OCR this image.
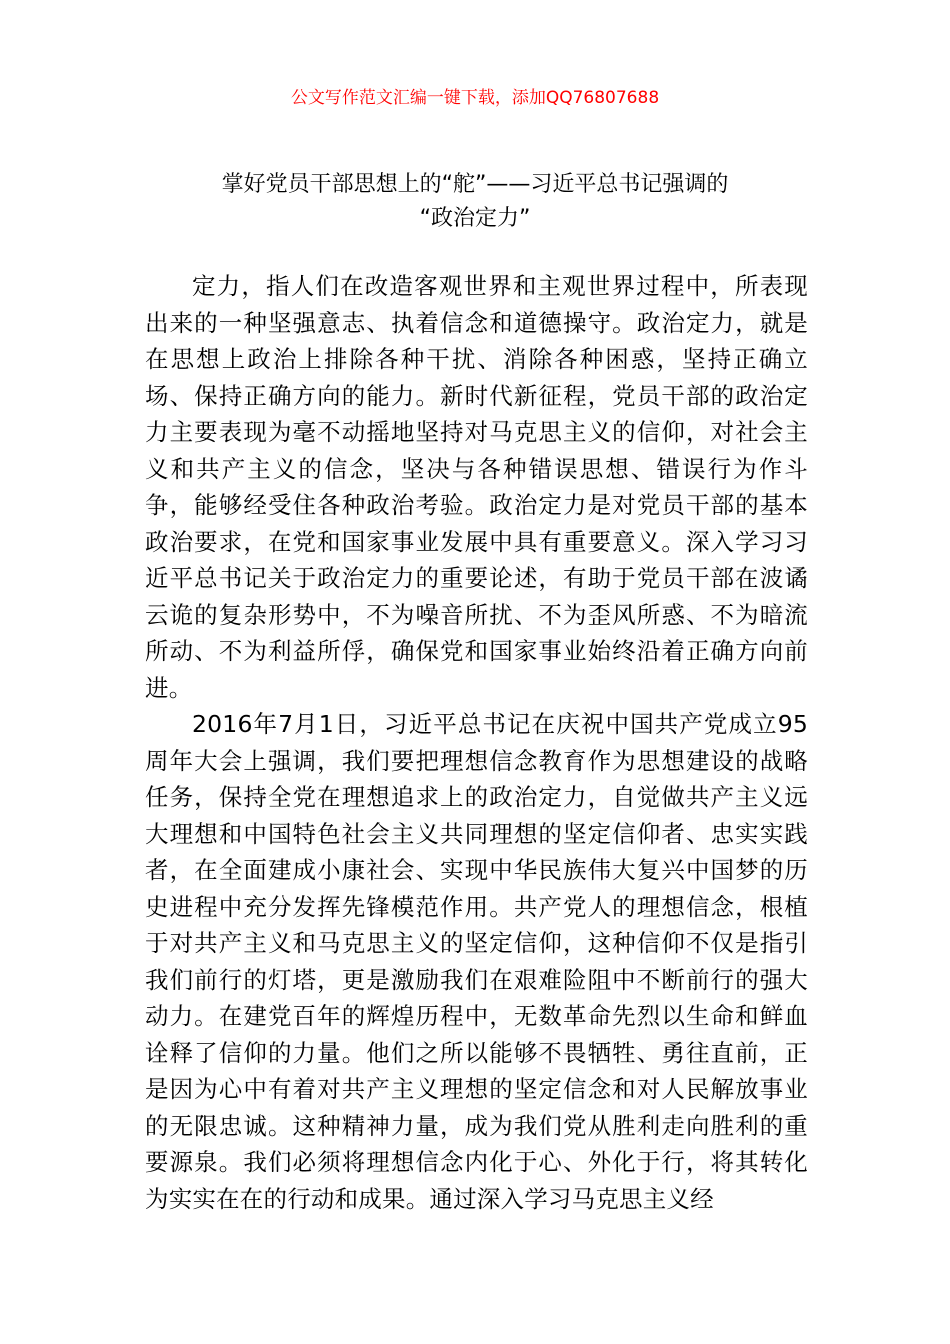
公文写作范文汇编一键下载，添加QQ76807688
掌好党员干部思想上的“舵”——习近平总书记强调的
“政治定力”

定力，指人们在改造客观世界和主观世界过程中，所表现出来的一种坚强意志、执着信念和道德操守。政治定力，就是在思想上政治上排除各种干扰、消除各种困惑，坚持正确立场、保持正确方向的能力。新时代新征程，党员干部的政治定力主要表现为毫不动摇地坚持对马克思主义的信仰，对社会主义和共产主义的信念，坚决与各种错误思想、错误行为作斗争，能够经受住各种政治考验。政治定力是对党员干部的基本政治要求，在党和国家事业发展中具有重要意义。深入学习习近平总书记关于政治定力的重要论述，有助于党员干部在波谲云诡的复杂形势中，不为噪音所扰、不为歪风所惑、不为暗流所动、不为利益所俘，确保党和国家事业始终沿着正确方向前进。

2016年7月1日，习近平总书记在庆祝中国共产党成立95周年大会上强调，我们要把理想信念教育作为思想建设的战略任务，保持全党在理想追求上的政治定力，自觉做共产主义远大理想和中国特色社会主义共同理想的坚定信仰者、忠实实践者，在全面建成小康社会、实现中华民族伟大复兴中国梦的历史进程中充分发挥先锋模范作用。共产党人的理想信念，根植于对共产主义和马克思主义的坚定信仰，这种信仰不仅是指引我们前行的灯塔，更是激励我们在艰难险阻中不断前行的强大动力。在建党百年的辉煌历程中，无数革命先烈以生命和鲜血诠释了信仰的力量。他们之所以能够不畏牺牲、勇往直前，正是因为心中有着对共产主义理想的坚定信念和对人民解放事业的无限忠诚。这种精神力量，成为我们党从胜利走向胜利的重要源泉。我们必须将理想信念内化于心、外化于行，将其转化为实实在在的行动和成果。通过深入学习马克思主义经
